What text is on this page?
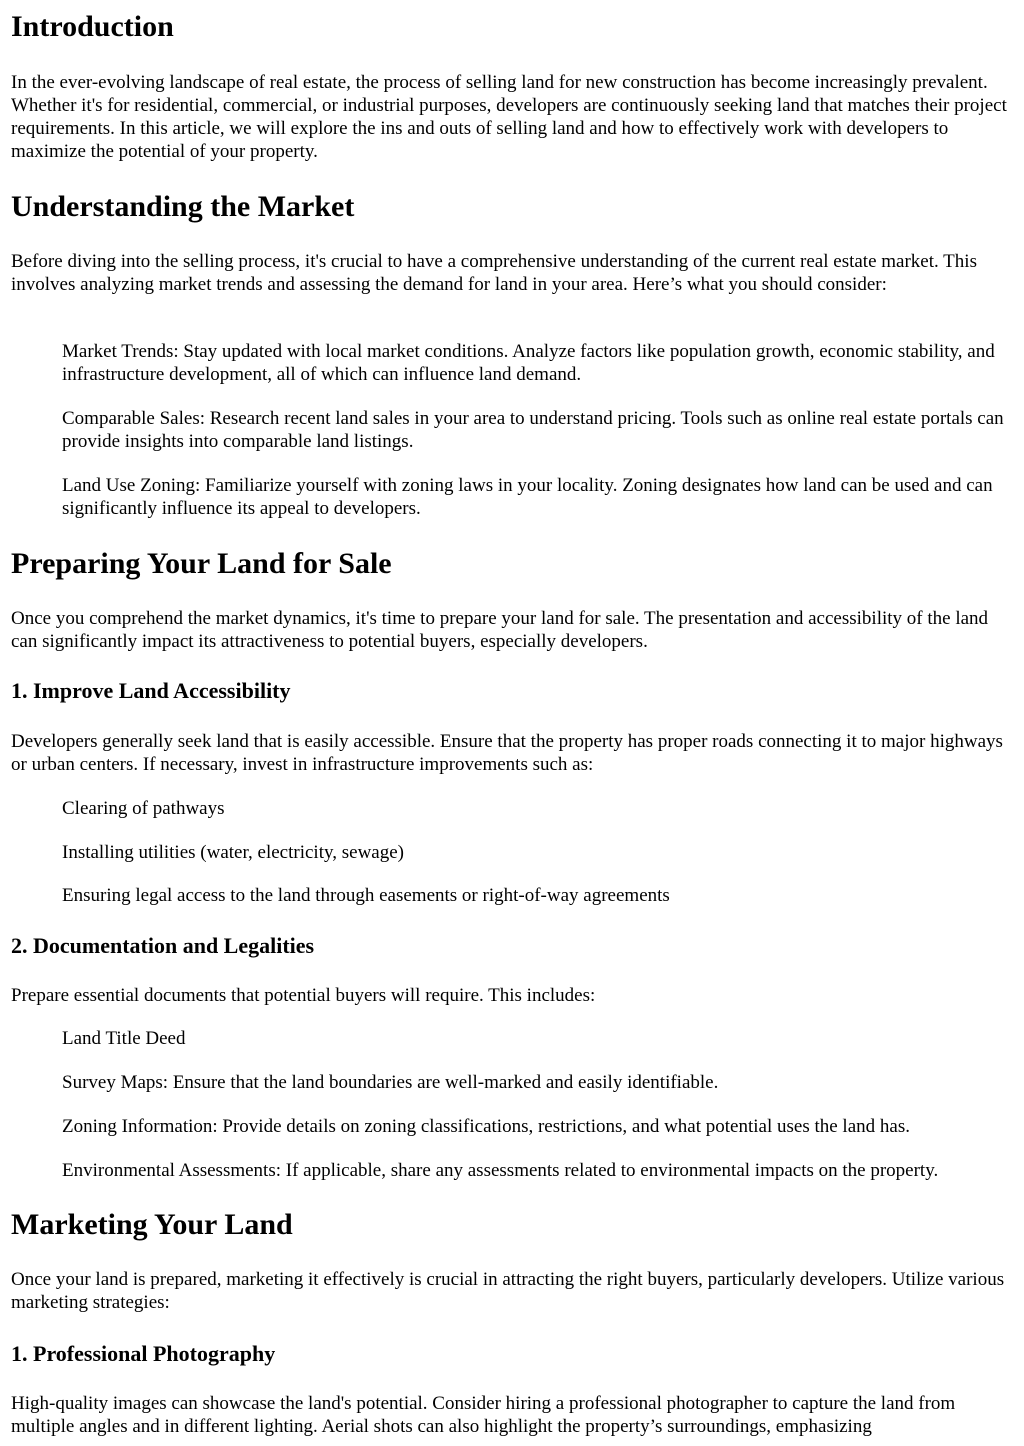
Introduction

In the ever-evolving landscape of real estate, the process of selling land for new construction has become increasingly prevalent. Whether it's for residential, commercial, or industrial purposes, developers are continuously seeking land that matches their project requirements. In this article, we will explore the ins and outs of selling land and how to effectively work with developers to maximize the potential of your property.

Understanding the Market

Before diving into the selling process, it's crucial to have a comprehensive understanding of the current real estate market. This involves analyzing market trends and assessing the demand for land in your area. Here’s what you should consider:

Market Trends: Stay updated with local market conditions. Analyze factors like population growth, economic stability, and infrastructure development, all of which can influence land demand.

Comparable Sales: Research recent land sales in your area to understand pricing. Tools such as online real estate portals can provide insights into comparable land listings.

Land Use Zoning: Familiarize yourself with zoning laws in your locality. Zoning designates how land can be used and can significantly influence its appeal to developers.

Preparing Your Land for Sale

Once you comprehend the market dynamics, it's time to prepare your land for sale. The presentation and accessibility of the land can significantly impact its attractiveness to potential buyers, especially developers.

1. Improve Land Accessibility

Developers generally seek land that is easily accessible. Ensure that the property has proper roads connecting it to major highways or urban centers. If necessary, invest in infrastructure improvements such as:

Clearing of pathways

Installing utilities (water, electricity, sewage)

Ensuring legal access to the land through easements or right-of-way agreements

2. Documentation and Legalities

Prepare essential documents that potential buyers will require. This includes:

Land Title Deed

Survey Maps: Ensure that the land boundaries are well-marked and easily identifiable.

Zoning Information: Provide details on zoning classifications, restrictions, and what potential uses the land has.

Environmental Assessments: If applicable, share any assessments related to environmental impacts on the property.

Marketing Your Land

Once your land is prepared, marketing it effectively is crucial in attracting the right buyers, particularly developers. Utilize various marketing strategies:

1. Professional Photography

High-quality images can showcase the land's potential. Consider hiring a professional photographer to capture the land from multiple angles and in different lighting. Aerial shots can also highlight the property’s surroundings, emphasizing
